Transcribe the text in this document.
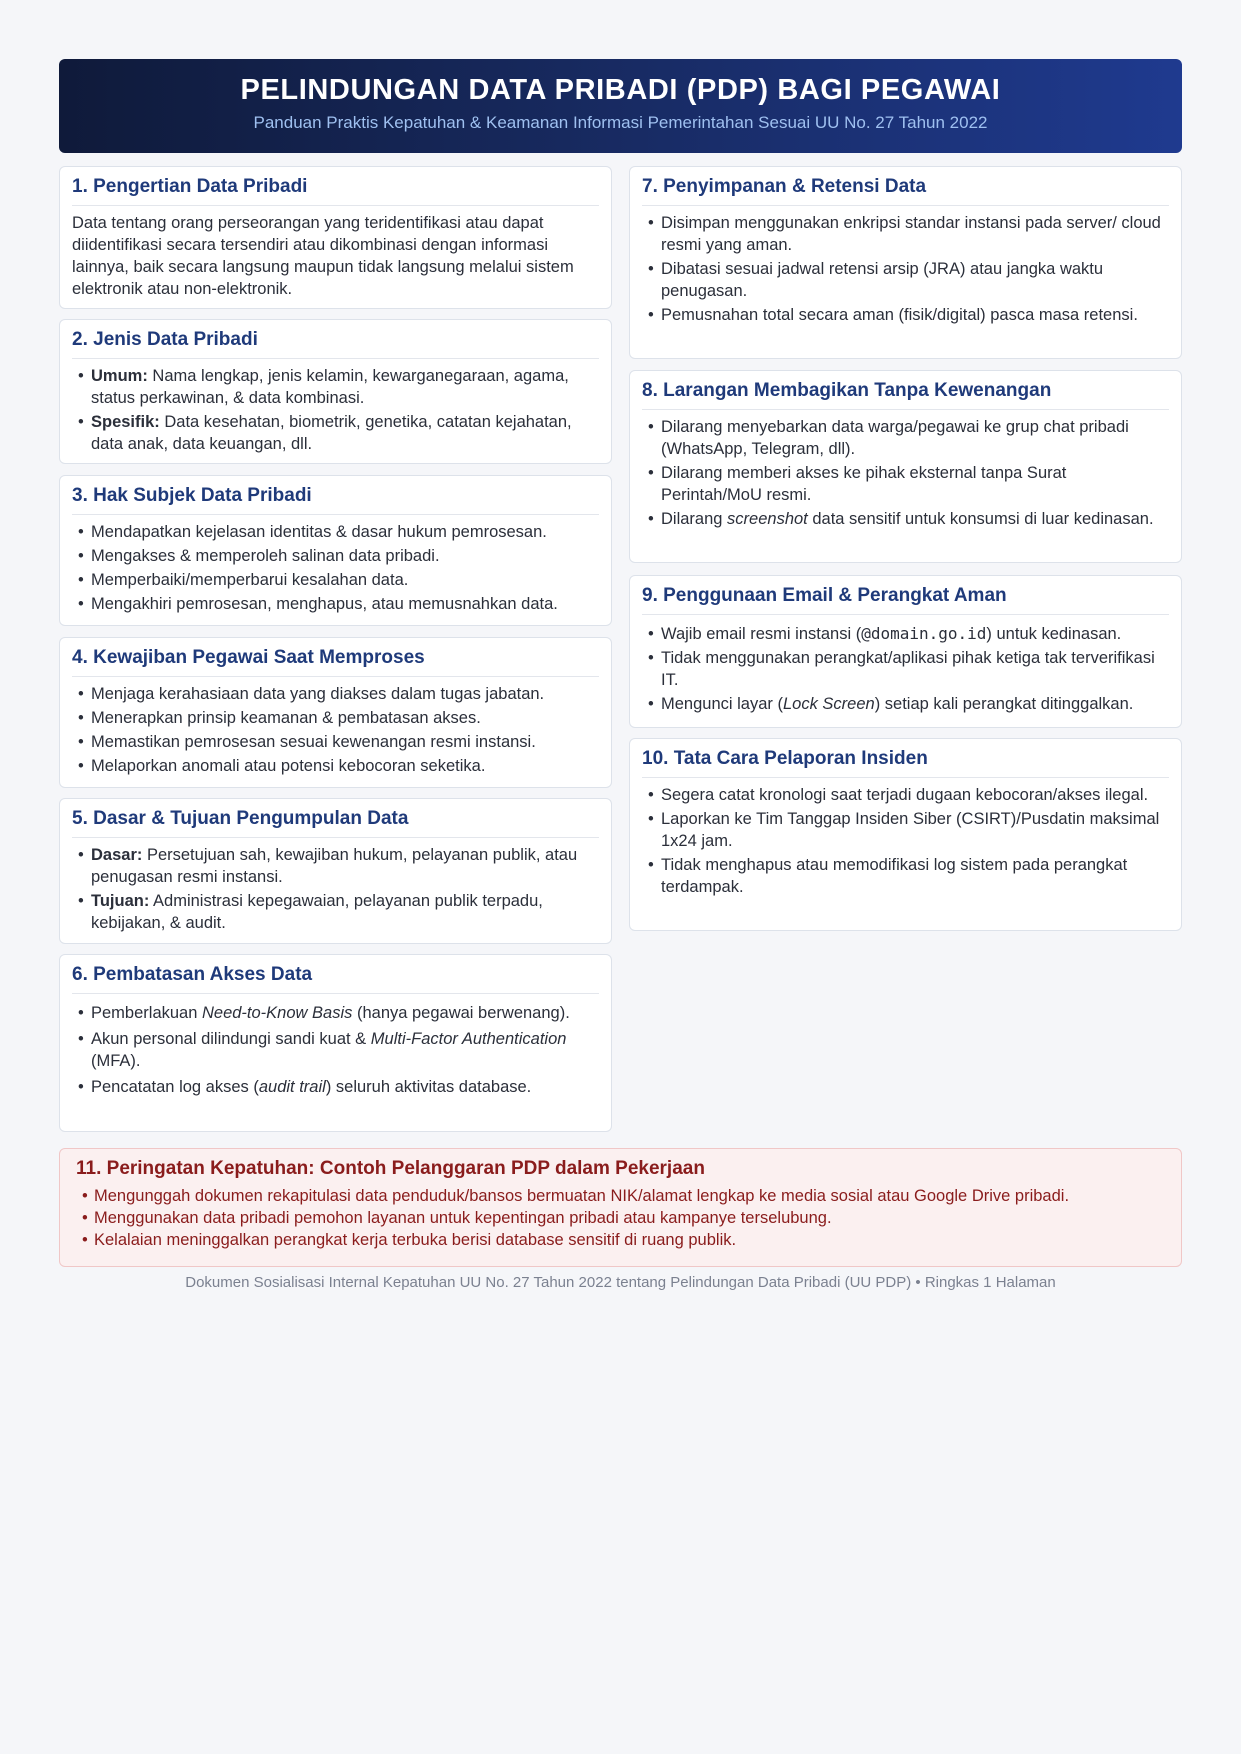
PELINDUNGAN DATA PRIBADI (PDP) BAGI PEGAWAI
Panduan Praktis Kepatuhan & Keamanan Informasi Pemerintahan Sesuai UU No. 27 Tahun 2022
1. Pengertian Data Pribadi

Data tentang orang perseorangan yang teridentifikasi atau dapat diidentifikasi secara tersendiri atau dikombinasi dengan informasi lainnya, baik secara langsung maupun tidak langsung melalui sistem elektronik atau non-elektronik.

2. Jenis Data Pribadi
• Umum: Nama lengkap, jenis kelamin, kewarganegaraan, agama, status perkawinan, & data kombinasi.
• Spesifik: Data kesehatan, biometrik, genetika, catatan kejahatan, data anak, data keuangan, dll.
3. Hak Subjek Data Pribadi
• Mendapatkan kejelasan identitas & dasar hukum pemrosesan.
• Mengakses & memperoleh salinan data pribadi.
• Memperbaiki/memperbarui kesalahan data.
• Mengakhiri pemrosesan, menghapus, atau memusnahkan data.
4. Kewajiban Pegawai Saat Memproses
• Menjaga kerahasiaan data yang diakses dalam tugas jabatan.
• Menerapkan prinsip keamanan & pembatasan akses.
• Memastikan pemrosesan sesuai kewenangan resmi instansi.
• Melaporkan anomali atau potensi kebocoran seketika.
5. Dasar & Tujuan Pengumpulan Data
• Dasar: Persetujuan sah, kewajiban hukum, pelayanan publik, atau penugasan resmi instansi.
• Tujuan: Administrasi kepegawaian, pelayanan publik terpadu, kebijakan, & audit.
6. Pembatasan Akses Data
• Pemberlakuan Need-to-Know Basis (hanya pegawai berwenang).
• Akun personal dilindungi sandi kuat & Multi-Factor Authentication (MFA).
• Pencatatan log akses (audit trail) seluruh aktivitas database.
7. Penyimpanan & Retensi Data
• Disimpan menggunakan enkripsi standar instansi pada server/ cloud resmi yang aman.
• Dibatasi sesuai jadwal retensi arsip (JRA) atau jangka waktu penugasan.
• Pemusnahan total secara aman (fisik/digital) pasca masa retensi.
8. Larangan Membagikan Tanpa Kewenangan
• Dilarang menyebarkan data warga/pegawai ke grup chat pribadi (WhatsApp, Telegram, dll).
• Dilarang memberi akses ke pihak eksternal tanpa Surat Perintah/MoU resmi.
• Dilarang screenshot data sensitif untuk konsumsi di luar kedinasan.
9. Penggunaan Email & Perangkat Aman
• Wajib email resmi instansi (@domain.go.id) untuk kedinasan.
• Tidak menggunakan perangkat/aplikasi pihak ketiga tak terverifikasi IT.
• Mengunci layar (Lock Screen) setiap kali perangkat ditinggalkan.
10. Tata Cara Pelaporan Insiden
• Segera catat kronologi saat terjadi dugaan kebocoran/akses ilegal.
• Laporkan ke Tim Tanggap Insiden Siber (CSIRT)/Pusdatin maksimal 1x24 jam.
• Tidak menghapus atau memodifikasi log sistem pada perangkat terdampak.
11. Peringatan Kepatuhan: Contoh Pelanggaran PDP dalam Pekerjaan
• Mengunggah dokumen rekapitulasi data penduduk/bansos bermuatan NIK/alamat lengkap ke media sosial atau Google Drive pribadi.
• Menggunakan data pribadi pemohon layanan untuk kepentingan pribadi atau kampanye terselubung.
• Kelalaian meninggalkan perangkat kerja terbuka berisi database sensitif di ruang publik.
Dokumen Sosialisasi Internal Kepatuhan UU No. 27 Tahun 2022 tentang Pelindungan Data Pribadi (UU PDP) • Ringkas 1 Halaman
